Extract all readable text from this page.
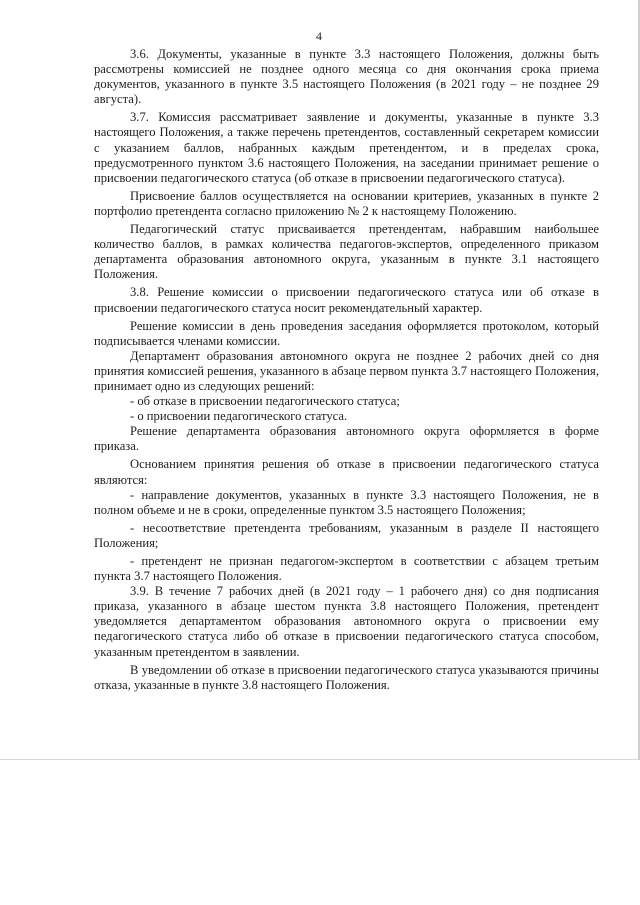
4

3.6. Документы, указанные в пункте 3.3 настоящего Положения, должны быть рассмотрены комиссией не позднее одного месяца со дня окончания срока приема документов, указанного в пункте 3.5 настоящего Положения (в 2021 году – не позднее 29 августа).

3.7. Комиссия рассматривает заявление и документы, указанные в пункте 3.3 настоящего Положения, а также перечень претендентов, составленный секретарем комиссии с указанием баллов, набранных каждым претендентом, и в пределах срока, предусмотренного пунктом 3.6 настоящего Положения, на заседании принимает решение о присвоении педагогического статуса (об отказе в присвоении педагогического статуса).

Присвоение баллов осуществляется на основании критериев, указанных в пункте 2 портфолио претендента согласно приложению № 2 к настоящему Положению.

Педагогический статус присваивается претендентам, набравшим наибольшее количество баллов, в рамках количества педагогов-экспертов, определенного приказом департамента образования автономного округа, указанным в пункте 3.1 настоящего Положения.

3.8. Решение комиссии о присвоении педагогического статуса или об отказе в присвоении педагогического статуса носит рекомендательный характер.

Решение комиссии в день проведения заседания оформляется протоколом, который подписывается членами комиссии.

Департамент образования автономного округа не позднее 2 рабочих дней со дня принятия комиссией решения, указанного в абзаце первом пункта 3.7 настоящего Положения, принимает одно из следующих решений:

- об отказе в присвоении педагогического статуса;

- о присвоении педагогического статуса.

Решение департамента образования автономного округа оформляется в форме приказа.

Основанием принятия решения об отказе в присвоении педагогического статуса являются:

- направление документов, указанных в пункте 3.3 настоящего Положения, не в полном объеме и не в сроки, определенные пунктом 3.5 настоящего Положения;

- несоответствие претендента требованиям, указанным в разделе II настоящего Положения;

- претендент не признан педагогом-экспертом в соответствии с абзацем третьим пункта 3.7 настоящего Положения.

3.9. В течение 7 рабочих дней (в 2021 году – 1 рабочего дня) со дня подписания приказа, указанного в абзаце шестом пункта 3.8 настоящего Положения, претендент уведомляется департаментом образования автономного округа о присвоении ему педагогического статуса либо об отказе в присвоении педагогического статуса способом, указанным претендентом в заявлении.

В уведомлении об отказе в присвоении педагогического статуса указываются причины отказа, указанные в пункте 3.8 настоящего Положения.
